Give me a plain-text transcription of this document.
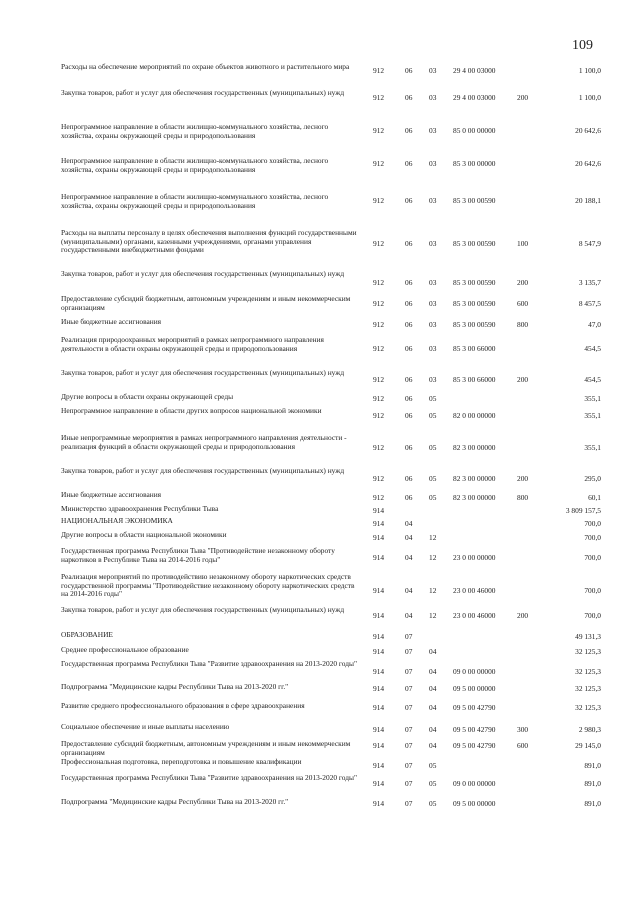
109
Расходы на обеспечение мероприятий по охране объектов животного и растительного мира	912	06	03	29 4 00 03000	1 100,0
Закупка товаров, работ и услуг для обеспечения государственных (муниципальных) нужд
912	06	03	29 4 00 03000	200	1 100,0
Непрограммное направление в области жилищно-коммунального хозяйства, лесного хозяйства, охраны окружающей среды и природопользования
912	06	03	85 0 00 00000	20 642,6
Непрограммное направление в области жилищно-коммунального хозяйства, лесного хозяйства, охраны окружающей среды и природопользования
912	06	03	85 3 00 00000	20 642,6
Непрограммное направление в области жилищно-коммунального хозяйства, лесного хозяйства, охраны окружающей среды и природопользования
912	06	03	85 3 00 00590	20 188,1
Расходы на выплаты персоналу в целях обеспечения выполнения функций государственными (муниципальными) органами, казенными учреждениями, органами управления государственными внебюджетными фондами
912	06	03	85 3 00 00590	100	8 547,9
Закупка товаров, работ и услуг для обеспечения государственных (муниципальных) нужд
912	06	03	85 3 00 00590	200	3 135,7
Предоставление субсидий бюджетным, автономным учреждениям и иным некоммерческим организациям	912	06	03	85 3 00 00590	600	8 457,5
Иные бюджетные ассигнования	912	06	03	85 3 00 00590	800	47,0
Реализация природоохранных мероприятий в рамках непрограммного направления деятельности в области охраны окружающей среды и природопользования	912	06	03	85 3 00 66000	454,5
Закупка товаров, работ и услуг для обеспечения государственных (муниципальных) нужд
912	06	03	85 3 00 66000	200	454,5
Другие вопросы в области охраны окружающей среды	912	06	05	355,1
Непрограммное направление в области других вопросов национальной экономики
912	06	05	82 0 00 00000	355,1
Иные непрограммные мероприятия в рамках непрограммного направления деятельности - реализация функций в области окружающей среды и природопользования	912	06	05	82 3 00 00000	355,1
Закупка товаров, работ и услуг для обеспечения государственных (муниципальных) нужд
912	06	05	82 3 00 00000	200	295,0
Иные бюджетные ассигнования	912	06	05	82 3 00 00000	800	60,1
Министерство здравоохранения Республики Тыва	914	3 809 157,5
НАЦИОНАЛЬНАЯ ЭКОНОМИКА	914	04	700,0
Другие вопросы в области национальной экономики	914	04	12	700,0
Государственная программа Республики Тыва "Противодействие незаконному обороту наркотиков в Республике Тыва на 2014-2016 годы"	914	04	12	23 0 00 00000	700,0
Реализация мероприятий по противодействию незаконному обороту наркотических средств государственной программы "Противодействие незаконному обороту наркотических средств на 2014-2016 годы"	914	04	12	23 0 00 46000	700,0
Закупка товаров, работ и услуг для обеспечения государственных (муниципальных) нужд
914	04	12	23 0 00 46000	200	700,0
ОБРАЗОВАНИЕ	914	07	49 131,3
Среднее профессиональное образование	914	07	04	32 125,3
Государственная программа Республики Тыва "Развитие здравоохранения на 2013-2020 годы"
914	07	04	09 0 00 00000	32 125,3
Подпрограмма "Медицинские кадры Республики Тыва на 2013-2020 гг."	914	07	04	09 5 00 00000	32 125,3
Развитие среднего профессионального образования в сфере здравоохранения	914	07	04	09 5 00 42790	32 125,3
Социальное обеспечение и иные выплаты населению	914	07	04	09 5 00 42790	300	2 980,3
Предоставление субсидий бюджетным, автономным учреждениям и иным некоммерческим организациям
914	07	04	09 5 00 42790	600	29 145,0
Профессиональная подготовка, переподготовка и повышение квалификации	914	07	05	891,0
Государственная программа Республики Тыва "Развитие здравоохранения на 2013-2020 годы"
914	07	05	09 0 00 00000	891,0
Подпрограмма "Медицинские кадры Республики Тыва на 2013-2020 гг."	914	07	05	09 5 00 00000	891,0
